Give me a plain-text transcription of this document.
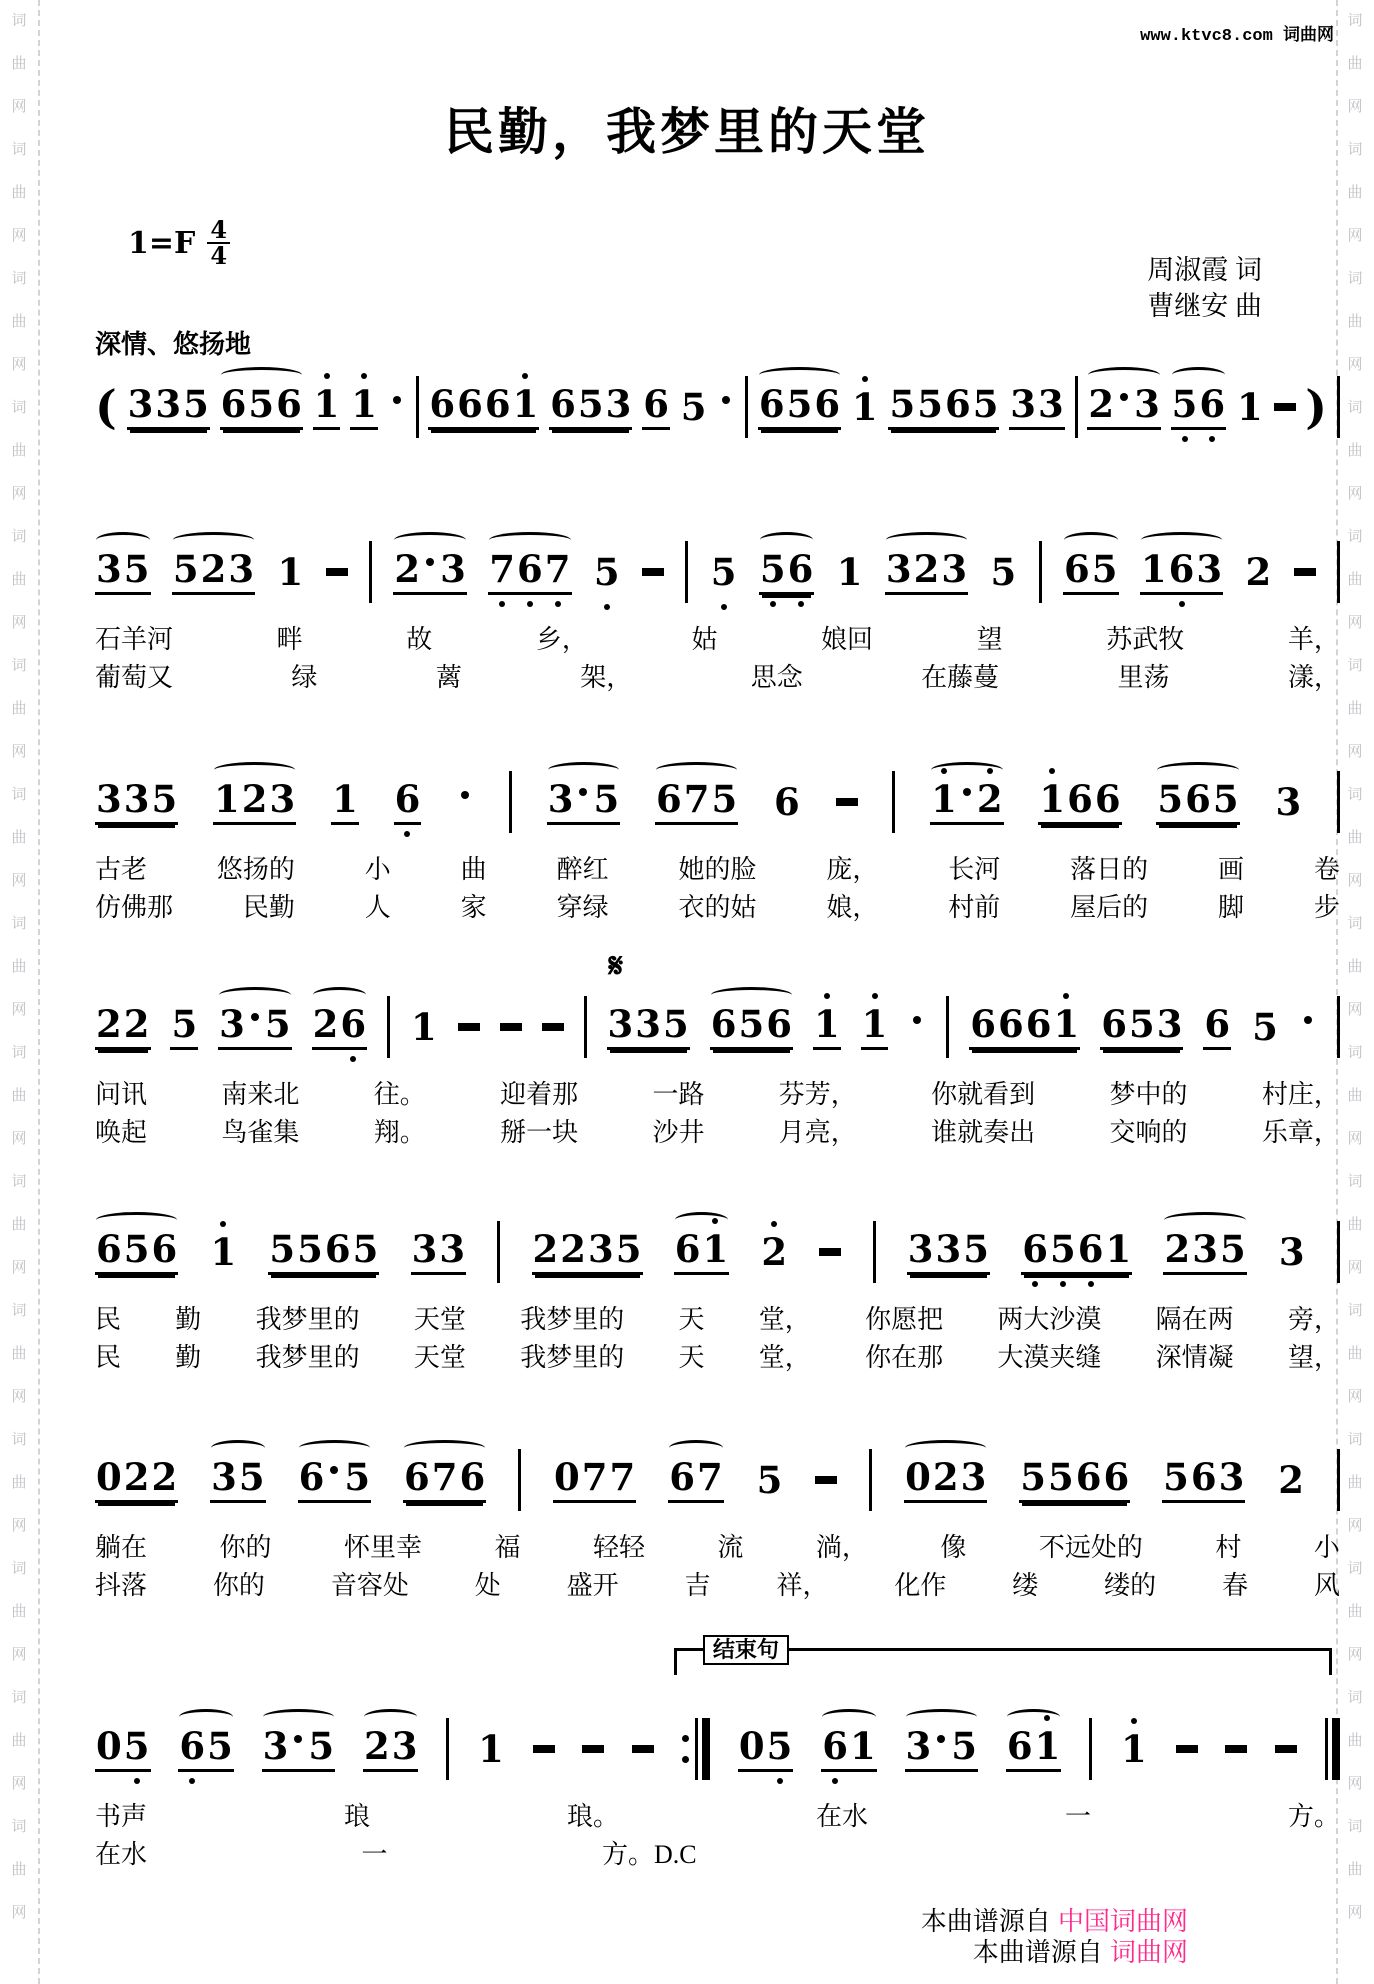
词
曲
网
词
曲
网
词
曲
网
词
曲
网
词
曲
网
词
曲
网
词
曲
网
词
曲
网
词
曲
网
词
曲
网
词
曲
网
词
曲
网
词
曲
网
词
曲
网
词
曲
网
词
曲
网
词
曲
网
词
曲
网
词
曲
网
词
曲
网
词
曲
网
词
曲
网
词
曲
网
词
曲
网
词
曲
网
词
曲
网
词
曲
网
词
曲
网
词
曲
网
词
曲
网
www.ktvc8.com 词曲网
民勤，我梦里的天堂
$1=F \frac{4}{4}$
周淑霞 词
曹继安 曲
深情、悠扬地
( 3 3 5 6 5 6 1 1 6 6 6 1 6 5 3 6 5 6 5 6 1 5 5 6 5 3 3 2 3 5 6 1 )
3 5 5 2 3 1 2 3 7 6 7 5 5 5 6 1 3 2 3 5 6 5 1 6 3 2
石羊河	畔	故	乡，	姑	娘回	望	苏武牧	羊，
葡萄又	绿	蓠	架，	思念	在藤蔓	里荡	漾，
3 3 5 1 2 3 1 6	3 5 6 7 5 6	1 2 1 6 6 5 6 5 3
古老	悠扬的	小	曲	醉红	她的脸	庞，	长河	落日的	画	卷
仿佛那	民勤	人	家	穿绿	衣的姑	娘，	村前	屋后的	脚	步
2 2 5 3 5 2 6 1	3 3 5
𝄋
6 5 6 1 1 6 6 6 1 6 5 3 6 5
问讯	南来北	往。	迎着那	一路	芬芳，	你就看到	梦中的	村庄，
唤起	鸟雀集	翔。	掰一块	沙井	月亮，	谁就奏出	交响的	乐章，
6 5 6 1 5 5 6 5 3 3 2 2 3 5 6 1 2	3 3 5 6 5 6 1 2 3 5 3
民 勤 我梦里的 天堂 我梦里的 天 堂， 你愿把 两大沙漠 隔在两 旁，
民 勤 我梦里的 天堂 我梦里的 天 堂， 你在那 大漠夹缝 深情凝 望，
0 2 2 3 5 6 5 6 7 6 0 7 7 6 7 5	0 2 3 5 5 6 6 5 6 3 2
躺在	你的	怀里幸	福	轻轻	流	淌，	像	不远处的	村	小
抖落	你的	音容处	处	盛开	吉	祥，	化作	缕	缕的	春	风
0 5 6 5 3 5 2 3 1	0 5 6 1 3 5 6 1 1
书声	琅	琅。	在水	一	方。
在水	一	方。D.C
结束句
本曲谱源自 中国词曲网
本曲谱源自 词曲网
